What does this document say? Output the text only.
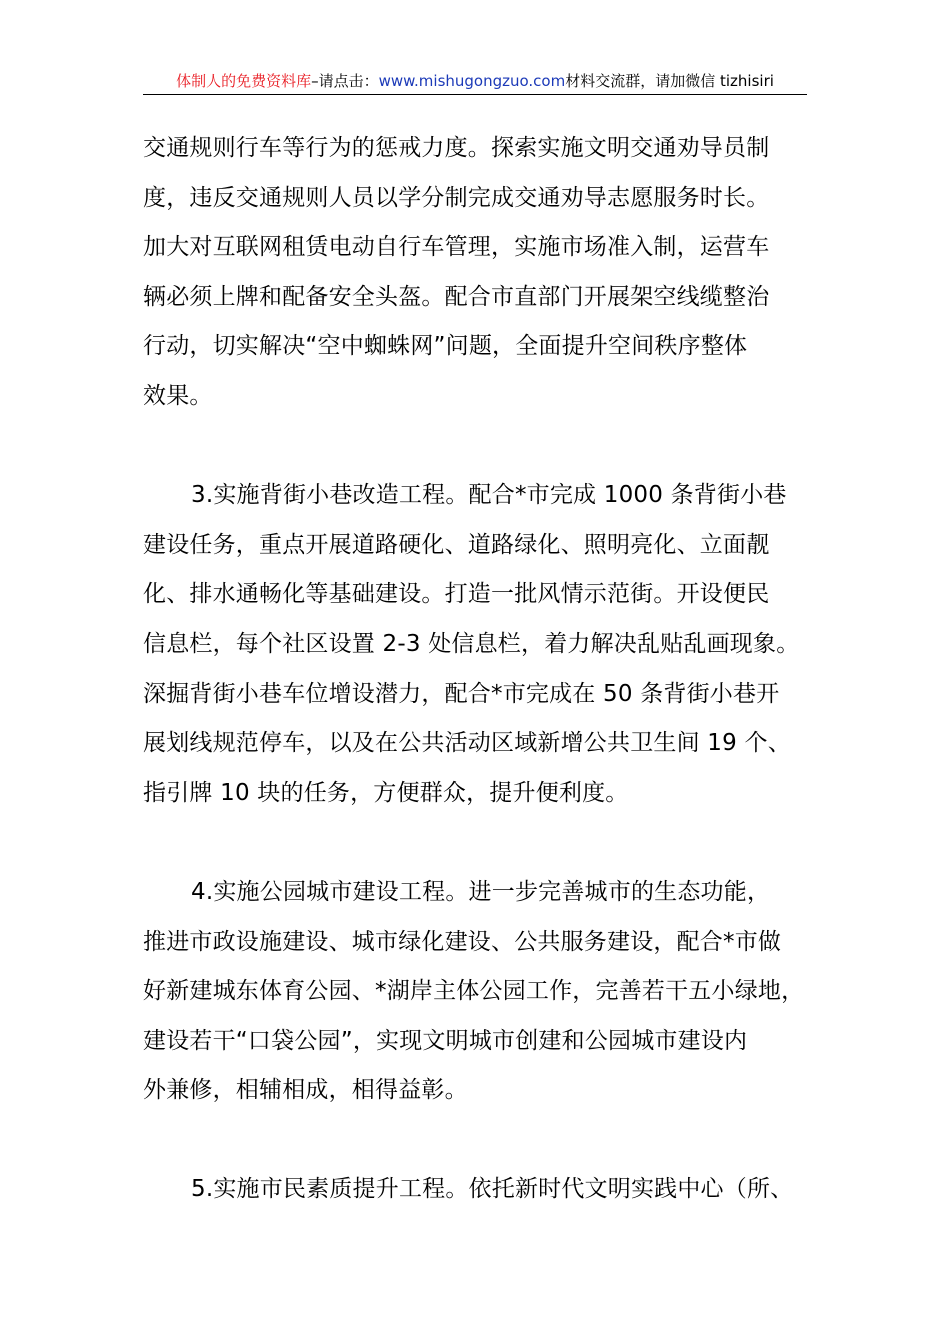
体制人的免费资料库–请点击：www.mishugongzuo.com材料交流群，请加微信 tizhisiri
交通规则行车等行为的惩戒力度。探索实施文明交通劝导员制
度，违反交通规则人员以学分制完成交通劝导志愿服务时长。
加大对互联网租赁电动自行车管理，实施市场准入制，运营车
辆必须上牌和配备安全头盔。配合市直部门开展架空线缆整治
行动，切实解决“空中蜘蛛网”问题，全面提升空间秩序整体
效果。
3.实施背街小巷改造工程。配合*市完成 1000 条背街小巷
建设任务，重点开展道路硬化、道路绿化、照明亮化、立面靓
化、排水通畅化等基础建设。打造一批风情示范街。开设便民
信息栏，每个社区设置 2-3 处信息栏，着力解决乱贴乱画现象。
深掘背街小巷车位增设潜力，配合*市完成在 50 条背街小巷开
展划线规范停车，以及在公共活动区域新增公共卫生间 19 个、
指引牌 10 块的任务，方便群众，提升便利度。
4.实施公园城市建设工程。进一步完善城市的生态功能，
推进市政设施建设、城市绿化建设、公共服务建设，配合*市做
好新建城东体育公园、*湖岸主体公园工作，完善若干五小绿地，
建设若干“口袋公园”，实现文明城市创建和公园城市建设内
外兼修，相辅相成，相得益彰。
5.实施市民素质提升工程。依托新时代文明实践中心（所、
